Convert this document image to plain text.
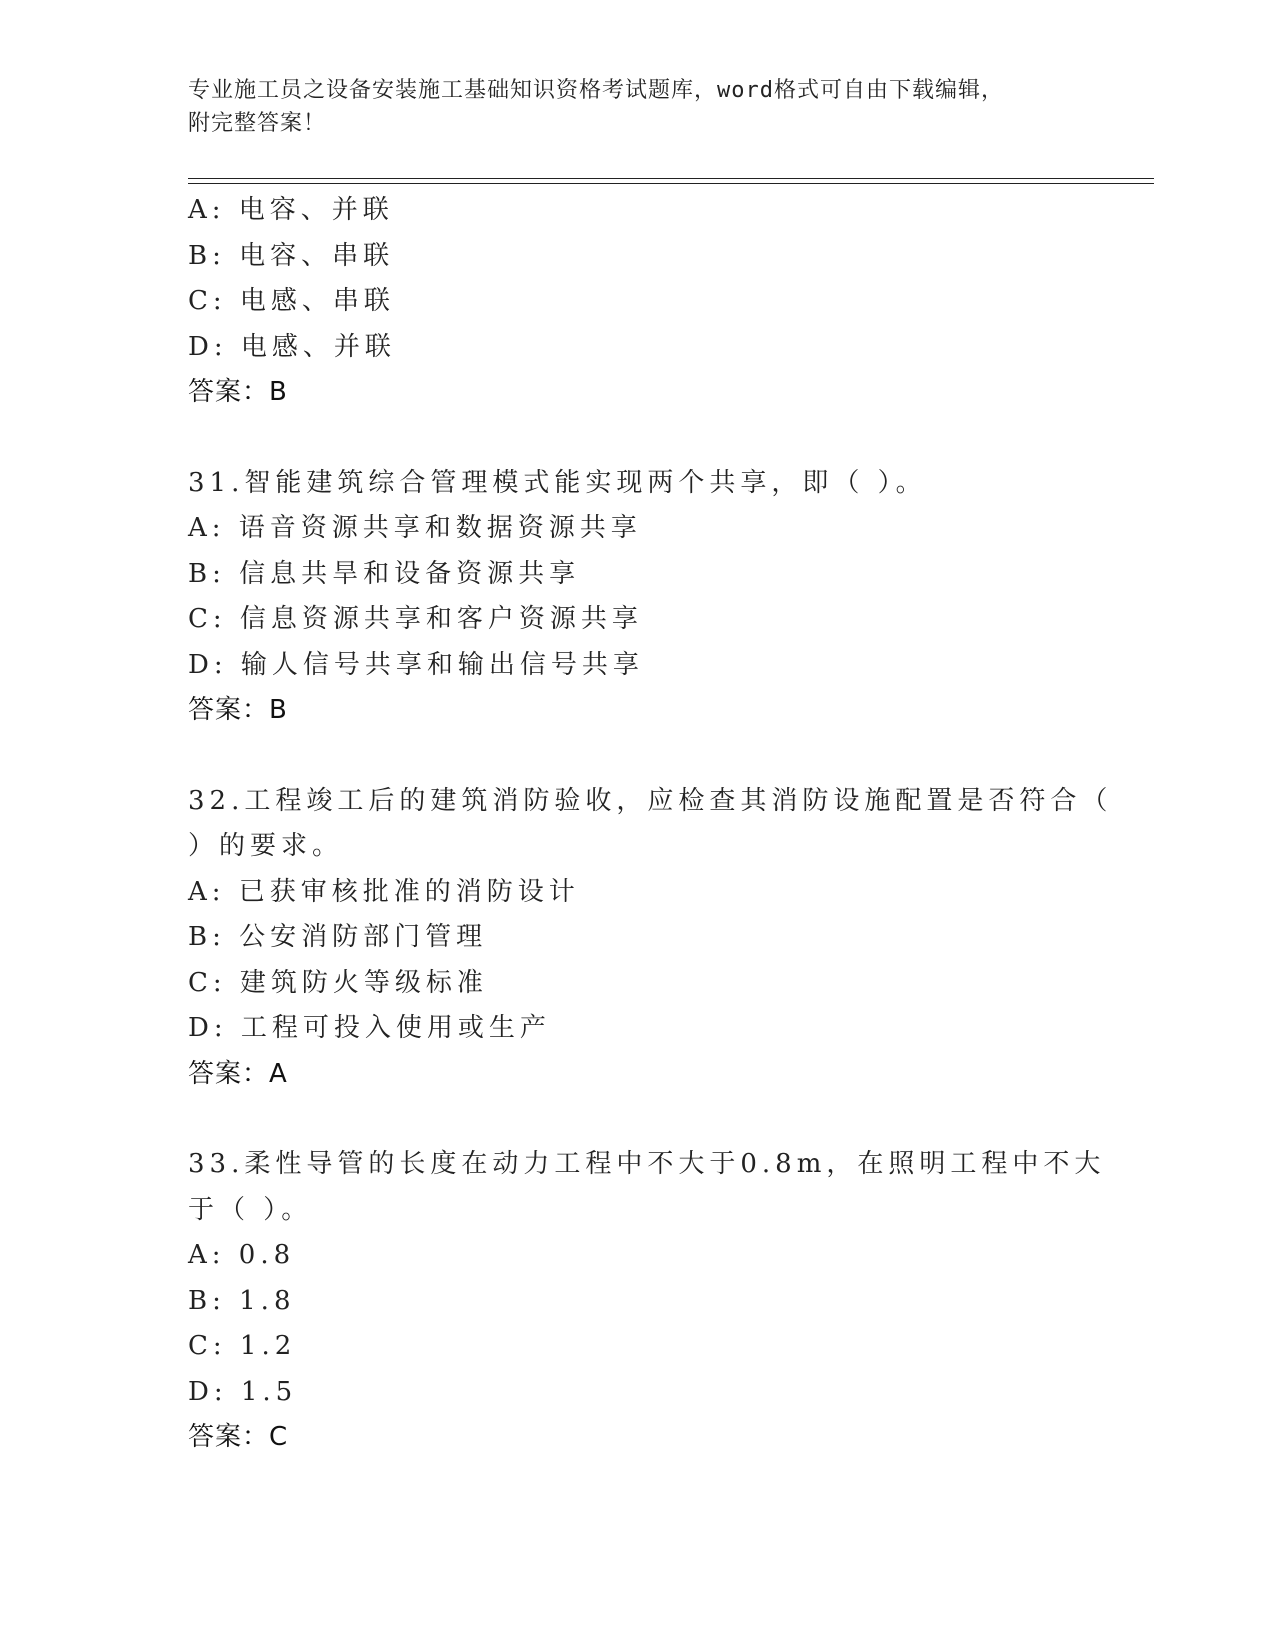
专业施工员之设备安装施工基础知识资格考试题库，word格式可自由下载编辑，
附完整答案！
A: 电容、并联
B: 电容、串联
C: 电感、串联
D: 电感、并联
答案：B
31.智能建筑综合管理模式能实现两个共享，即（ ）。
A: 语音资源共享和数据资源共享
B: 信息共旱和设备资源共享
C: 信息资源共享和客户资源共享
D: 输人信号共享和输出信号共享
答案：B
32.工程竣工后的建筑消防验收，应检查其消防设施配置是否符合（ ）的要求。
A: 已获审核批准的消防设计
B: 公安消防部门管理
C: 建筑防火等级标准
D: 工程可投入使用或生产
答案：A
33.柔性导管的长度在动力工程中不大于0.8m，在照明工程中不大于（ ）。
A: 0.8
B: 1.8
C: 1.2
D: 1.5
答案：C
